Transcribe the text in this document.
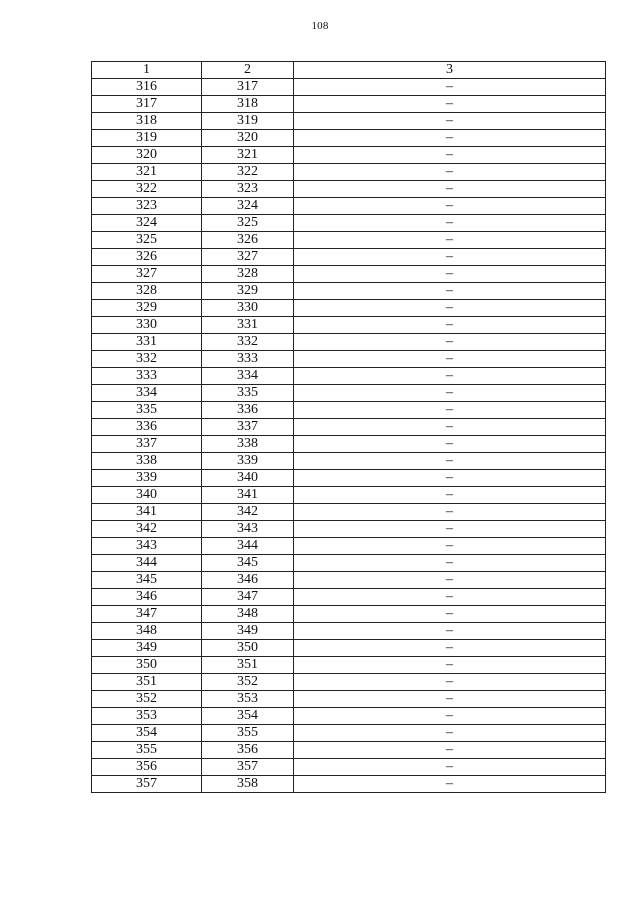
108
1	2	3
316	317	–
317	318	–
318	319	–
319	320	–
320	321	–
321	322	–
322	323	–
323	324	–
324	325	–
325	326	–
326	327	–
327	328	–
328	329	–
329	330	–
330	331	–
331	332	–
332	333	–
333	334	–
334	335	–
335	336	–
336	337	–
337	338	–
338	339	–
339	340	–
340	341	–
341	342	–
342	343	–
343	344	–
344	345	–
345	346	–
346	347	–
347	348	–
348	349	–
349	350	–
350	351	–
351	352	–
352	353	–
353	354	–
354	355	–
355	356	–
356	357	–
357	358	–
